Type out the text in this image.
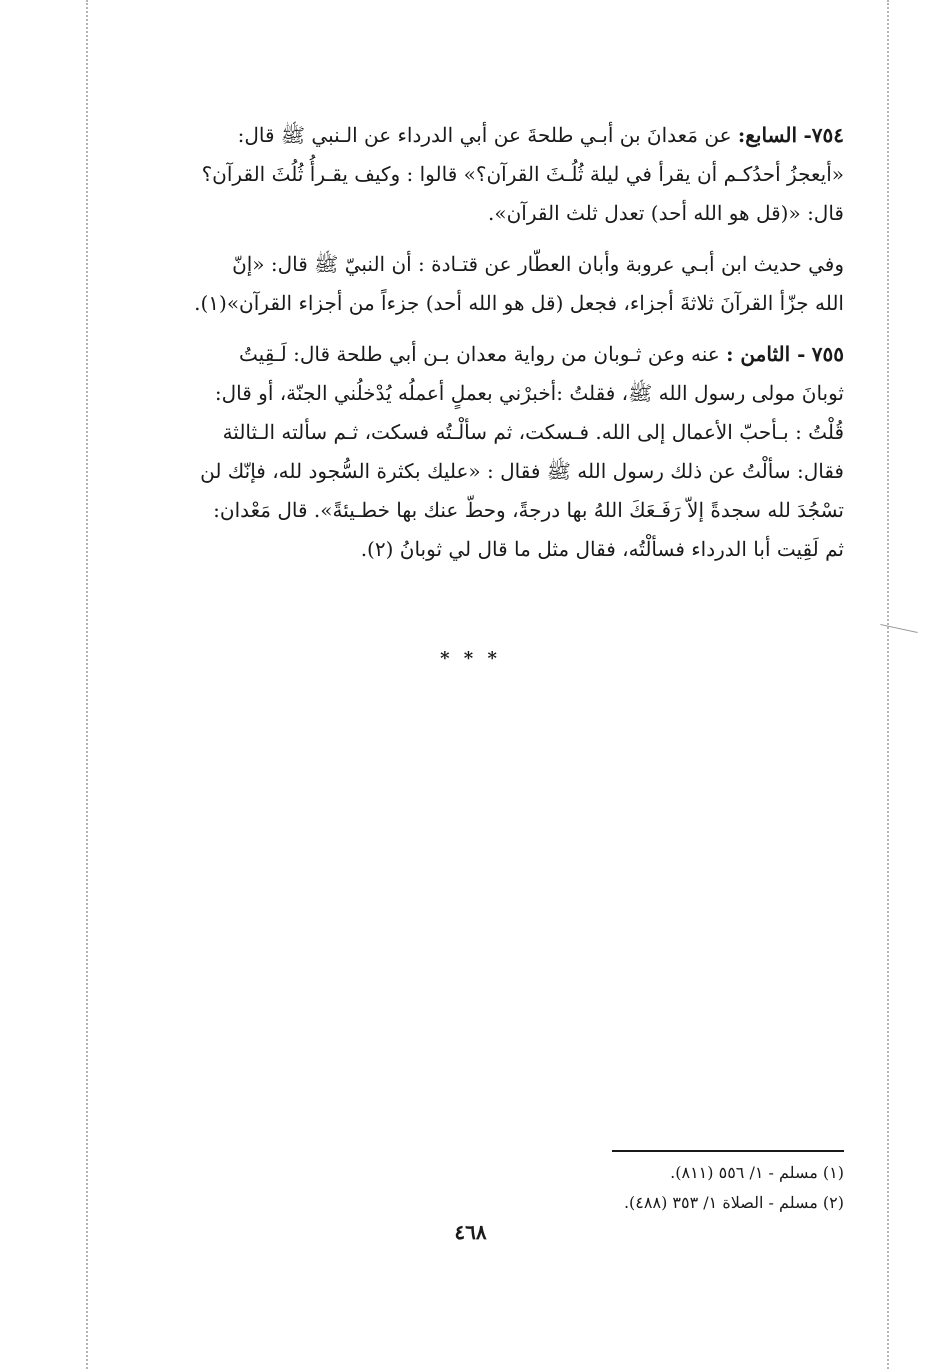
٧٥٤- السابع: عن مَعدانَ بن أبـي طلحةَ عن أبي الدرداء عن الـنبي ﷺ قال:

«أيعجزُ أحدُكـم أن يقرأ في ليلة ثُلُـثَ القرآن؟» قالوا : وكيف يقـرأُ ثُلُثَ القرآن؟

قال: «(قل هو الله أحد) تعدل ثلث القرآن».

وفي حديث ابن أبـي عروبة وأبان العطّار عن قتـادة : أن النبيّ ﷺ قال: «إنّ

الله جزّأ القرآنَ ثلاثةَ أجزاء، فجعل (قل هو الله أحد) جزءاً من أجزاء القرآن»(١).

٧٥٥ - الثامن : عنه وعن ثـوبان من رواية معدان بـن أبي طلحة قال: لَـقِيتُ

ثوبانَ مولى رسول الله ﷺ، فقلتُ :أخبرْني بعملٍ أعملُه يُدْخلُني الجنّة، أو قال:

قُلْتُ : بـأحبّ الأعمال إلى الله. فـسكت، ثم سألْـتُه فسكت، ثـم سألته الـثالثة

فقال: سألْتُ عن ذلك رسول الله ﷺ فقال : «عليك بكثرة السُّجود لله، فإنّك لن

تسْجُدَ لله سجدةً إلاّ رَفَـعَكَ اللهُ بها درجةً، وحطّ عنك بها خطـيئةً». قال مَعْدان:

ثم لَقِيت أبا الدرداء فسألْتُه، فقال مثل ما قال لي ثوبانُ (٢).

* * *

(١) مسلم - ١/ ٥٥٦ (٨١١).

(٢) مسلم - الصلاة ١/ ٣٥٣ (٤٨٨).

٤٦٨
